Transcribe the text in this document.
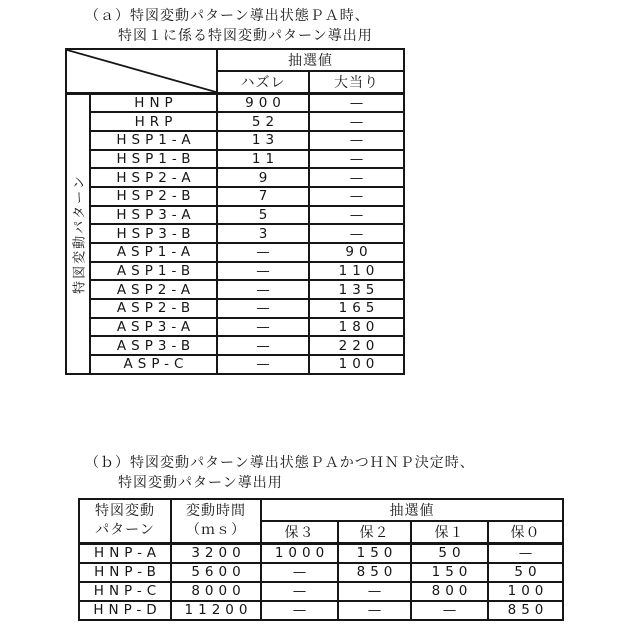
（ａ）特図変動パターン導出状態ＰＡ時、
特図１に係る特図変動パターン導出用
	抽選値	
		ハズレ	大当り

特図変動パターン	HNP	900	—
	HRP	52	—
	HSP1-A	13	—
	HSP1-B	11	—
	HSP2-A	9	—
	HSP2-B	7	—
	HSP3-A	5	—
	HSP3-B	3	—
	ASP1-A	—	90
	ASP1-B	—	110
	ASP2-A	—	135
	ASP2-B	—	165
	ASP3-A	—	180
	ASP3-B	—	220
	ASP-C	—	100
（ｂ）特図変動パターン導出状態ＰＡかつＨＮＰ決定時、
特図変動パターン導出用
特図変動
パターン	変動時間
（ｍｓ）	抽選値			
		保３	保２	保１	保０
HNP-A	3200	1000	150	50	—
HNP-B	5600	—	850	150	50
HNP-C	8000	—	—	800	100
HNP-D	11200	—	—	—	850
